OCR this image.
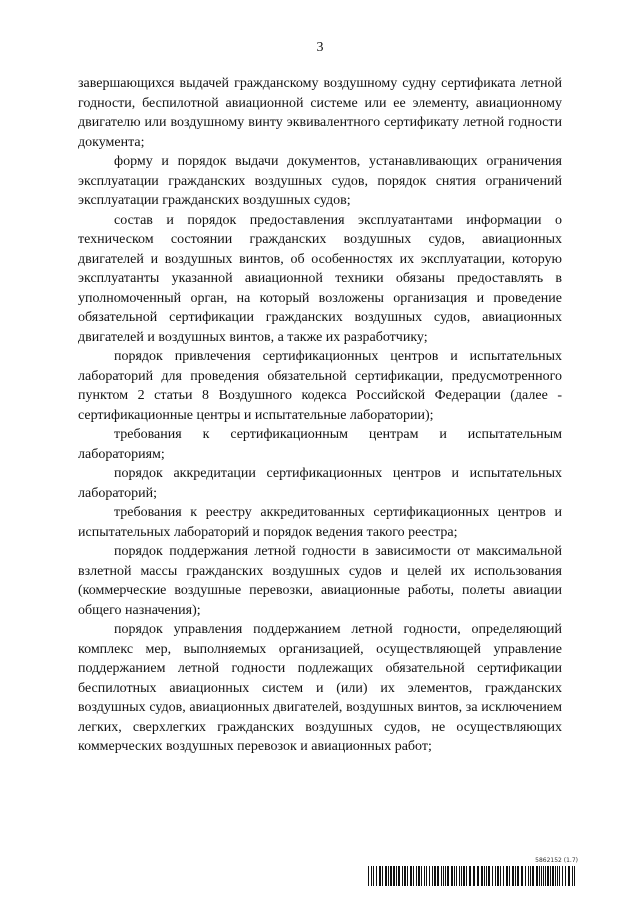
3

завершающихся выдачей гражданскому воздушному судну сертификата летной годности, беспилотной авиационной системе или ее элементу, авиационному двигателю или воздушному винту эквивалентного сертификату летной годности документа;

форму и порядок выдачи документов, устанавливающих ограничения эксплуатации гражданских воздушных судов, порядок снятия ограничений эксплуатации гражданских воздушных судов;

состав и порядок предоставления эксплуатантами информации о техническом состоянии гражданских воздушных судов, авиационных двигателей и воздушных винтов, об особенностях их эксплуатации, которую эксплуатанты указанной авиационной техники обязаны предоставлять в уполномоченный орган, на который возложены организация и проведение обязательной сертификации гражданских воздушных судов, авиационных двигателей и воздушных винтов, а также их разработчику;

порядок привлечения сертификационных центров и испытательных лабораторий для проведения обязательной сертификации, предусмотренного пунктом 2 статьи 8 Воздушного кодекса Российской Федерации (далее - сертификационные центры и испытательные лаборатории);

требования к сертификационным центрам и испытательным лабораториям;

порядок аккредитации сертификационных центров и испытательных лабораторий;

требования к реестру аккредитованных сертификационных центров и испытательных лабораторий и порядок ведения такого реестра;

порядок поддержания летной годности в зависимости от максимальной взлетной массы гражданских воздушных судов и целей их использования (коммерческие воздушные перевозки, авиационные работы, полеты авиации общего назначения);

порядок управления поддержанием летной годности, определяющий комплекс мер, выполняемых организацией, осуществляющей управление поддержанием летной годности подлежащих обязательной сертификации беспилотных авиационных систем и (или) их элементов, гражданских воздушных судов, авиационных двигателей, воздушных винтов, за исключением легких, сверхлегких гражданских воздушных судов, не осуществляющих коммерческих воздушных перевозок и авиационных работ;

5862152 (1.7)
